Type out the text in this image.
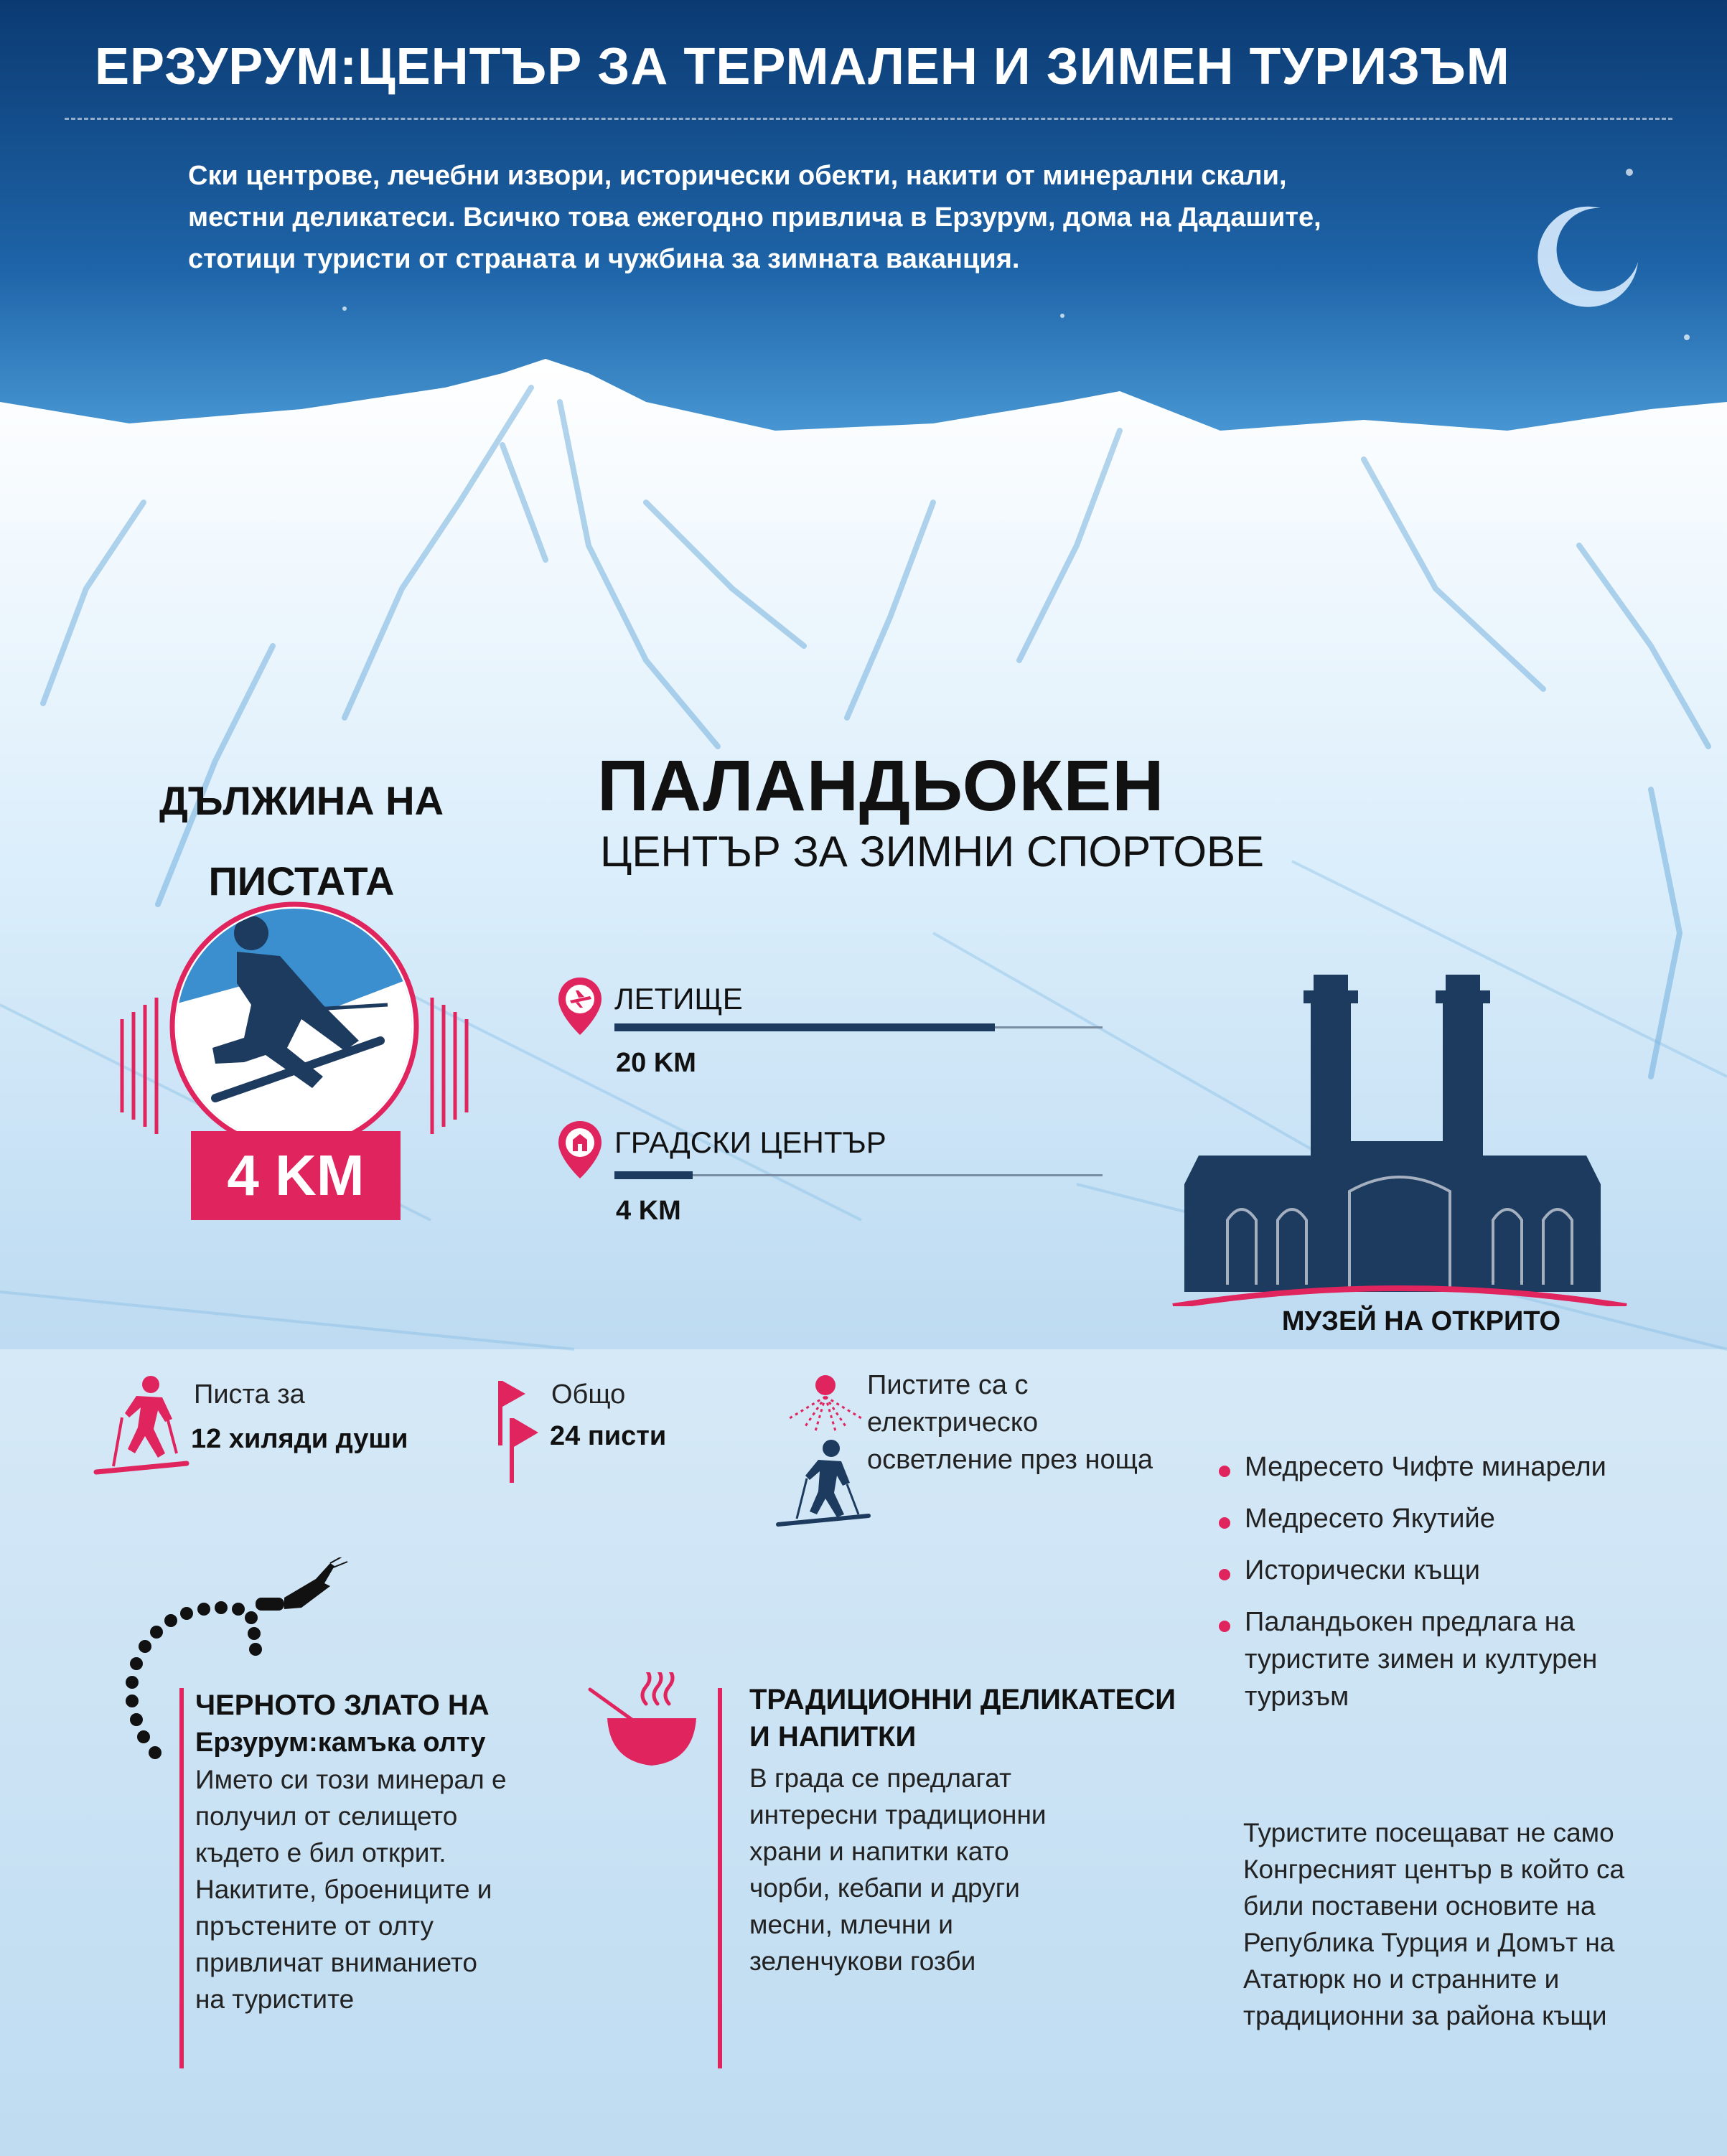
ЕРЗУРУМ:ЦЕНТЪР ЗА ТЕРМАЛЕН И ЗИМЕН ТУРИЗЪМ
Ски центрове, лечебни извори, исторически обекти, накити от минерални скали,
местни деликатеси. Всичко това ежегодно привлича в Ерзурум, дома на Дадашите,
стотици туристи от страната и чужбина за зимната ваканция.
ДЪЛЖИНА НА
ПИСТАТА
4 KM
ПАЛАНДЬОКЕН
ЦЕНТЪР ЗА ЗИМНИ СПОРТОВЕ
ЛЕТИЩЕ
20 KM
ГРАДСКИ ЦЕНТЪР
4 KM
МУЗЕЙ НА ОТКРИТО
Писта за
12 хиляди души
Общо
24 писти
Пистите са с
електрическо
осветление през нощa	Медресето Чифте минарели
Медресето Якутийе
Исторически къщи
Паландьокен предлага на туристите зимен и културен туризъм
ЧЕРНОТО ЗЛАТО НА
Ерзурум:камъка олту
Името си този минерал е
получил от селището
където е бил открит.
Накитите, броениците и
пръстените от олту
привличат вниманието
на туристите
ТРАДИЦИОННИ ДЕЛИКАТЕСИ
И НАПИТКИ
В града се предлагат
интересни традиционни
храни и напитки като
чорби, кебапи и други
месни, млечни и
зеленчукови гозби
Туристите посещават не само
Конгресният център в който са
били поставени основите на
Република Турция и Домът на
Ататюрк но и странните и
традиционни за района къщи
